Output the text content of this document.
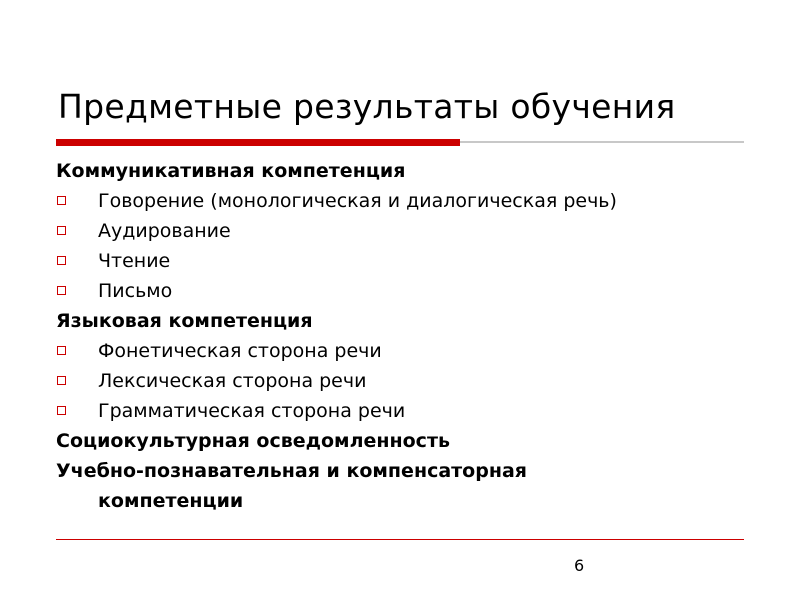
Предметные результаты обучения
Коммуникативная компетенция
Говорение (монологическая и диалогическая речь)
Аудирование
Чтение
Письмо
Языковая компетенция
Фонетическая сторона речи
Лексическая сторона речи
Грамматическая сторона речи
Социокультурная осведомленность
Учебно-познавательная и компенсаторная
компетенции
6
